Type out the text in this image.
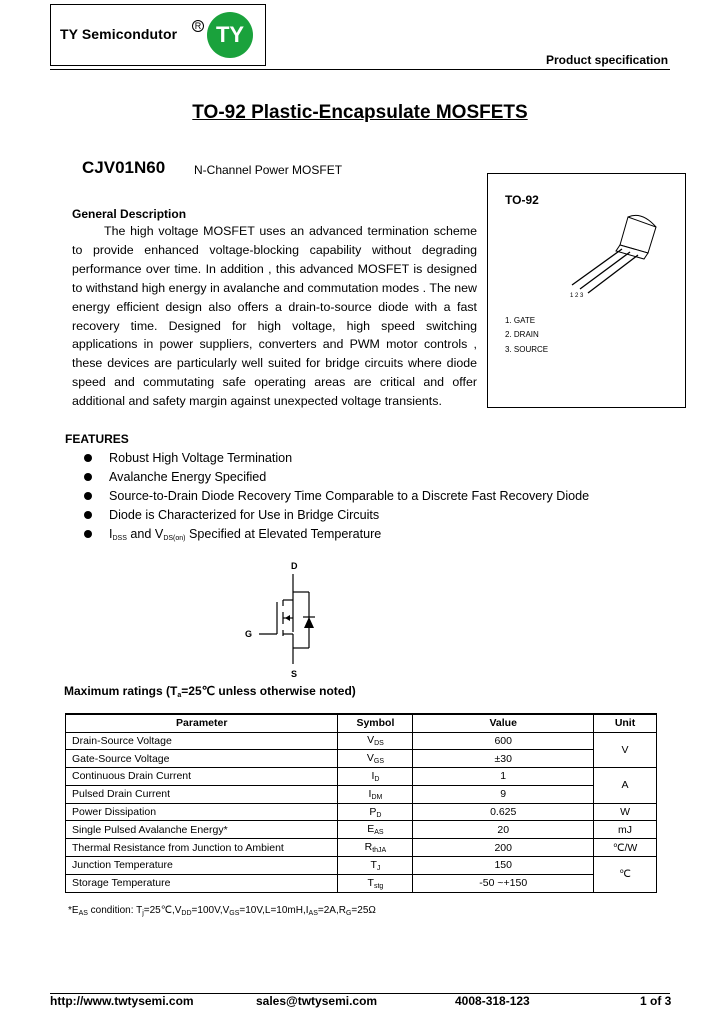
TY Semicondutor	R TY
Product specification
TO-92 Plastic-Encapsulate MOSFETS
CJV01N60 N-Channel Power MOSFET
TO-92
1 2 3
1. GATE
2. DRAIN
3. SOURCE
General Description
The high voltage MOSFET uses an advanced termination scheme to provide enhanced voltage-blocking capability without degrading performance over time. In addition , this advanced MOSFET is designed to withstand high energy in avalanche and commutation modes . The new energy efficient design also offers a drain-to-source diode with a fast recovery time. Designed for high voltage, high speed switching applications in power suppliers, converters and PWM motor controls , these devices are particularly well suited for bridge circuits where diode speed and commutating safe operating areas are critical and offer additional and safety margin against unexpected voltage transients.
FEATURES
Robust High Voltage Termination
Avalanche Energy Specified
Source-to-Drain Diode Recovery Time Comparable to a Discrete Fast Recovery Diode
Diode is Characterized for Use in Bridge Circuits
$I_{DSS}$ and $V_{DS(on)}$ Specified at Elevated Temperature
D
G
S
Maximum ratings ($T_a=25℃$ unless otherwise noted)
Parameter	Symbol	Value	Unit
Drain-Source Voltage	$V_{DS}$	600	V
Gate-Source Voltage	$V_{GS}$	±30	
Continuous Drain Current	$I_D$	1	A
Pulsed Drain Current	$I_{DM}$	9	
Power Dissipation	$P_D$	0.625	W
Single Pulsed Avalanche Energy*	$E_{AS}$	20	mJ
Thermal Resistance from Junction to Ambient	$R_{thJA}$	200	℃/W
Junction Temperature	$T_J$	150	℃
Storage Temperature	$T_{stg}$	-50 ~+150	
$*E_{AS}$ condition: $T_j=25℃,V_{DD}=100V,V_{GS}=10V,L=10mH,I_{AS}=2A,R_G=25\Omega$
http://www.twtysemi.com	sales@twtysemi.com	4008-318-123	1 of 3
